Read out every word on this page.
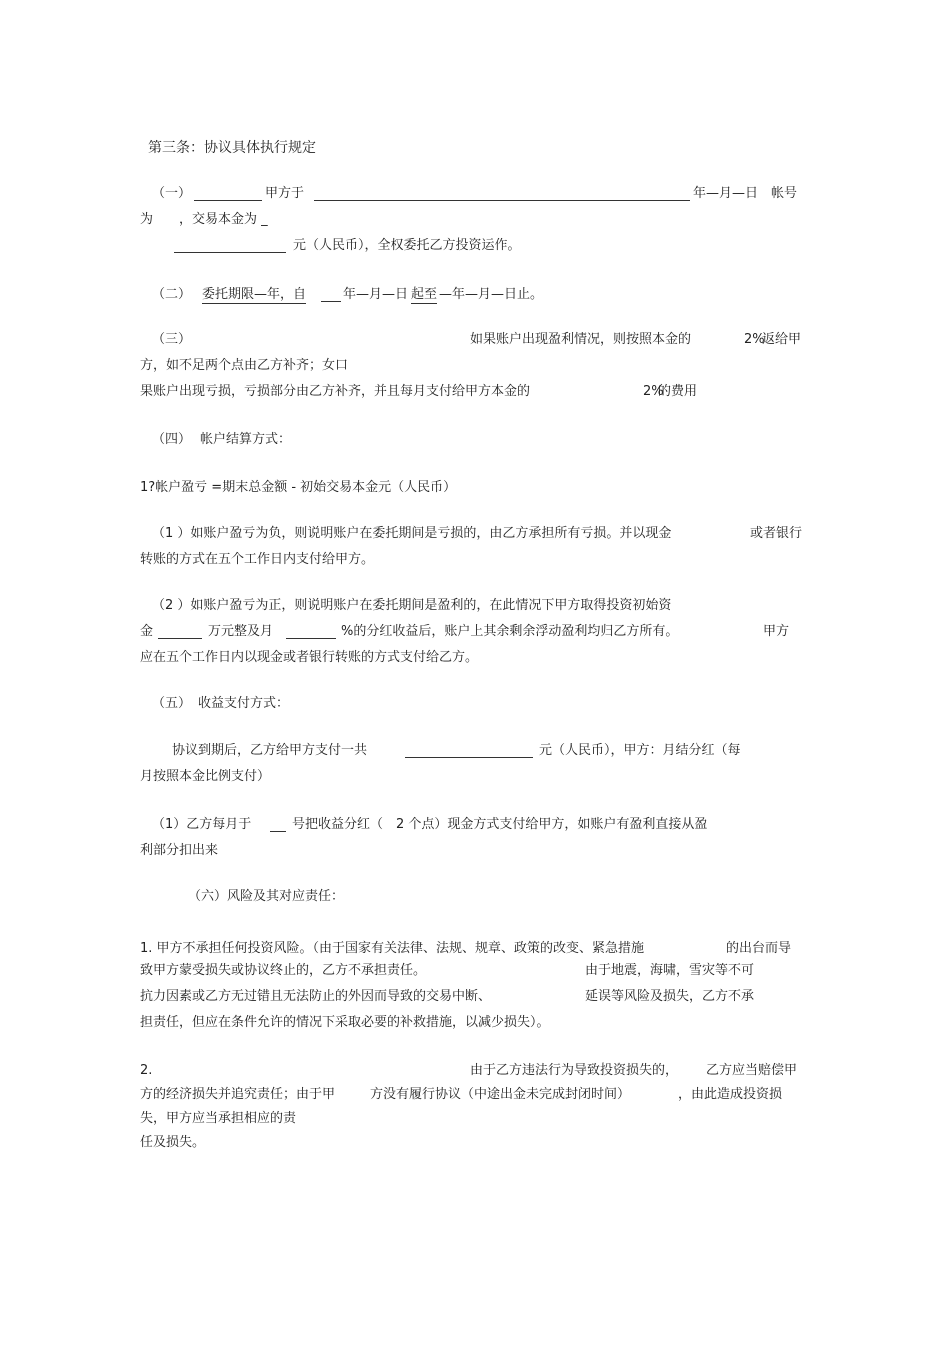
第三条：协议具体执行规定
（一）	甲方于	年—月—日　帐号
为　　，交易本金为 _
元（人民币），全权委托乙方投资运作。
（二） 委托期限—年，自	年—月—日 起至 —年—月—日止。
（三）	如果账户出现盈利情况，则按照本金的	2%
返给甲
方，如不足两个点由乙方补齐；女口
果账户出现亏损，亏损部分由乙方补齐，并且每月支付给甲方本金的	2%
的费用
（四） 帐户结算方式：
1?帐户盈亏 =期末总金额 - 初始交易本金元（人民币）
（1 ）如账户盈亏为负，则说明账户在委托期间是亏损的，由乙方承担所有亏损。并以现金	或者银行
转账的方式在五个工作日内支付给甲方。
（2 ）如账户盈亏为正，则说明账户在委托期间是盈利的，在此情况下甲方取得投资初始资
金	万元整及月	%的分红收益后，账户上其余剩余浮动盈利均归乙方所有。	甲方
应在五个工作日内以现金或者银行转账的方式支付给乙方。
（五） 收益支付方式：
协议到期后，乙方给甲方支付一共	元（人民币），甲方：月结分红（每
月按照本金比例支付）
（1）乙方每月于	号把收益分红（　2 个点）现金方式支付给甲方，如账户有盈利直接从盈
利部分扣出来
（六）风险及其对应责任：
1. 甲方不承担任何投资风险。（由于国家有关法律、法规、规章、政策的改变、紧急措施	的出台而导
致甲方蒙受损失或协议终止的，乙方不承担责任。	由于地震，海啸，雪灾等不可
抗力因素或乙方无过错且无法防止的外因而导致的交易中断、	延误等风险及损失，乙方不承
担责任，但应在条件允许的情况下采取必要的补救措施，以减少损失）。
2.	由于乙方违法行为导致投资损失的， 乙方应当赔偿甲
方的经济损失并追究责任；由于甲	方没有履行协议（中途出金未完成封闭时间）	，由此造成投资损
失，甲方应当承担相应的责
任及损失。
